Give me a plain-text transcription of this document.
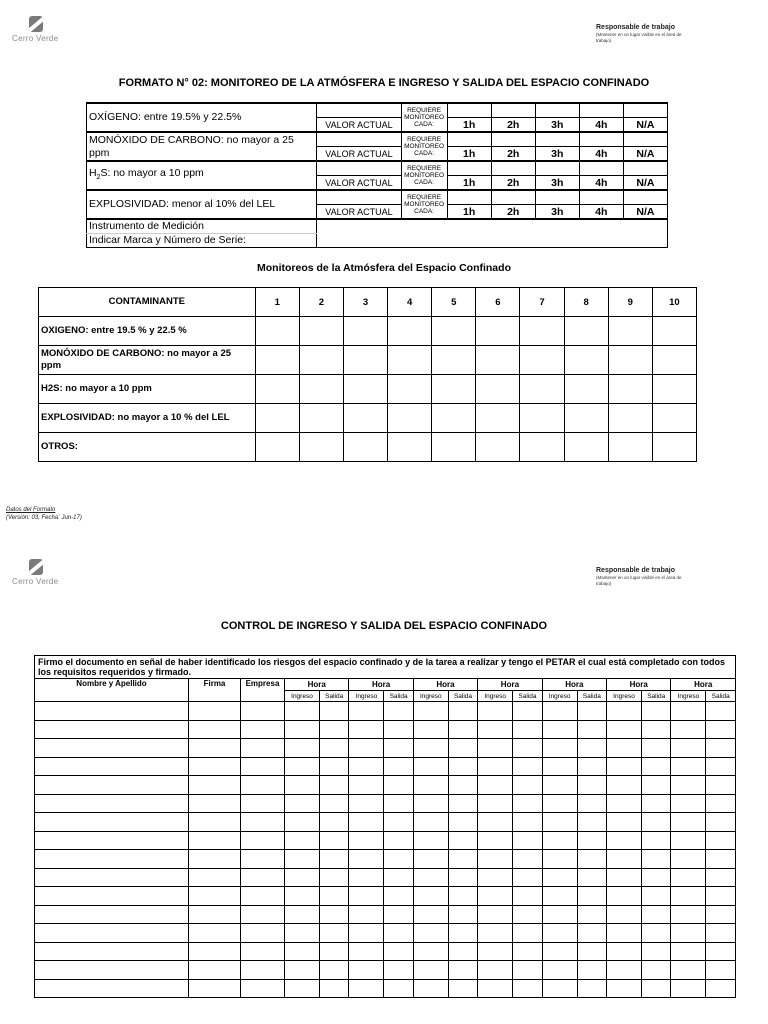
Cerro Verde
Responsable de trabajo
(Mantener en un lugar visible en el área de trabajo)
FORMATO N° 02: MONITOREO DE LA ATMÓSFERA E INGRESO Y SALIDA DEL ESPACIO CONFINADO
OXÍGENO: entre 19.5% y 22.5%		REQUIERE MONITOREO CADA:					
	VALOR ACTUAL		1h	2h	3h	4h	N/A
MONÓXIDO DE CARBONO: no mayor a 25 ppm		REQUIERE MONITOREO CADA:					
	VALOR ACTUAL		1h	2h	3h	4h	N/A
$H_2S$: no mayor a 10 ppm		REQUIERE MONITOREO CADA:					
	VALOR ACTUAL		1h	2h	3h	4h	N/A
EXPLOSIVIDAD: menor al 10% del LEL		REQUIERE MONITOREO CADA:					
	VALOR ACTUAL		1h	2h	3h	4h	N/A
Instrumento de Medición							
Indicar Marca y Número de Serie:							
Monitoreos de la Atmósfera del Espacio Confinado
CONTAMINANTE	1	2	3	4	5	6	7	8	9	10
OXIGENO: entre 19.5 % y 22.5 %										
MONÓXIDO DE CARBONO: no mayor a 25 ppm										
H2S: no mayor a 10 ppm										
EXPLOSIVIDAD: no mayor a 10 % del LEL										
OTROS:										
Datos del Formato
(Versión: 03, Fecha: Jun-17)
Cerro Verde
Responsable de trabajo
(Mantener en un lugar visible en el área de trabajo)
CONTROL DE INGRESO Y SALIDA DEL ESPACIO CONFINADO
Firmo el documento en señal de haber identificado los riesgos del espacio confinado y de la tarea a realizar y tengo el PETAR el cual está completado con todos los requisitos requeridos y firmado.																
Nombre y Apellido	Firma	Empresa	Hora		Hora		Hora		Hora		Hora		Hora		Hora	
			Ingreso	Salida	Ingreso	Salida	Ingreso	Salida	Ingreso	Salida	Ingreso	Salida	Ingreso	Salida	Ingreso	Salida
